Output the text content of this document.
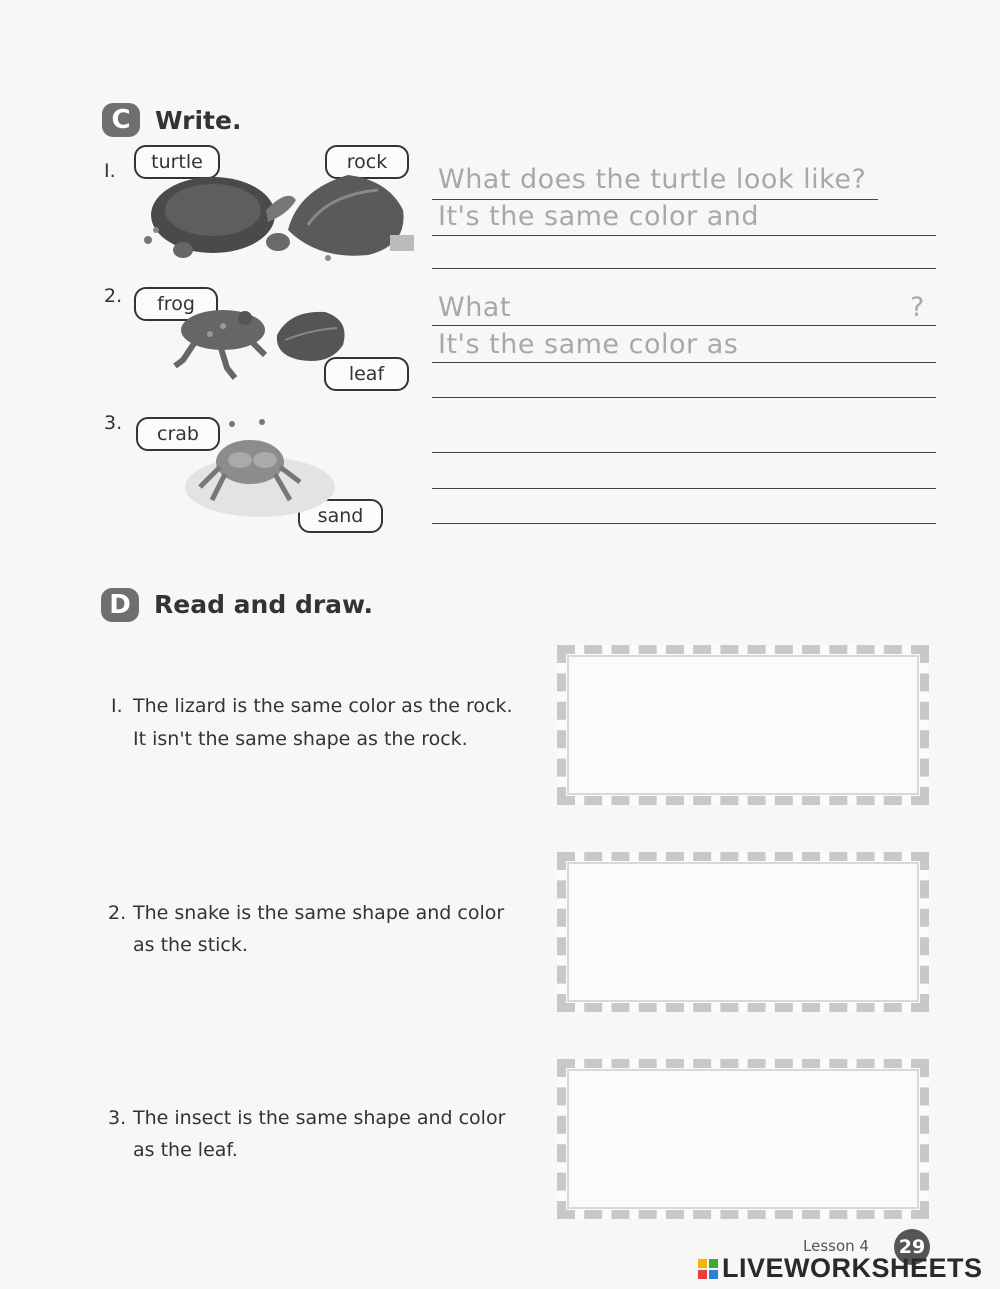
C Write.
I.	turtle	rock
What does the turtle look like?
It's the same color and
2.	frog
leaf
What	?
It's the same color as
3.	crab
sand
D Read and draw.
I. The lizard is the same color as the rock.
It isn't the same shape as the rock.
2. The snake is the same shape and color
as the stick.
3. The insect is the same shape and color
as the leaf.
Lesson 4 29
LIVEWORKSHEETS
